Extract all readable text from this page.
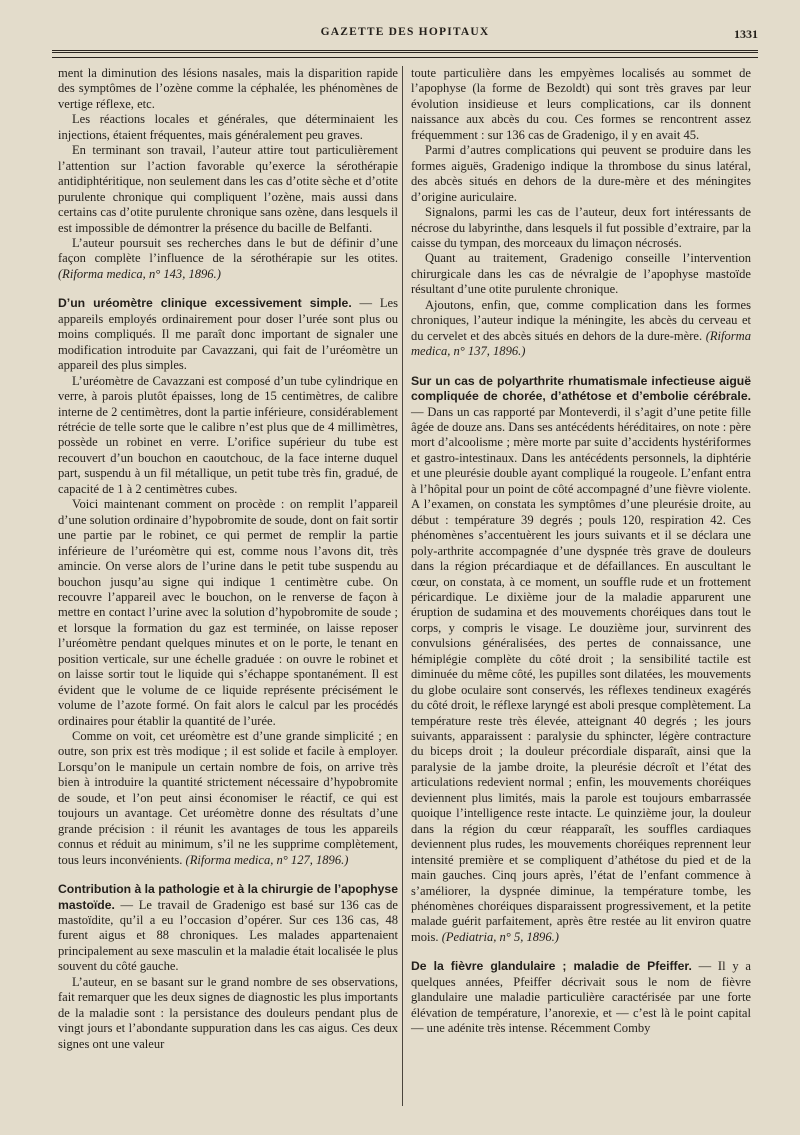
GAZETTE DES HOPITAUX	1331

ment la diminution des lésions nasales, mais la disparition rapide des symptômes de l’ozène comme la céphalée, les phénomènes de vertige réflexe, etc.

Les réactions locales et générales, que déterminaient les injections, étaient fréquentes, mais généralement peu graves.

En terminant son travail, l’auteur attire tout particulièrement l’attention sur l’action favorable qu’exerce la sérothérapie antidiphtéritique, non seulement dans les cas d’otite sèche et d’otite purulente chronique qui compliquent l’ozène, mais aussi dans certains cas d’otite purulente chronique sans ozène, dans lesquels il est impossible de démontrer la présence du bacille de Belfanti.

L’auteur poursuit ses recherches dans le but de définir d’une façon complète l’influence de la sérothérapie sur les otites. (Riforma medica, n° 143, 1896.)

D’un uréomètre clinique excessivement simple. — Les appareils employés ordinairement pour doser l’urée sont plus ou moins compliqués. Il me paraît donc important de signaler une modification introduite par Cavazzani, qui fait de l’uréomètre un appareil des plus simples.

L’uréomètre de Cavazzani est composé d’un tube cylindrique en verre, à parois plutôt épaisses, long de 15 centimètres, de calibre interne de 2 centimètres, dont la partie inférieure, considérablement rétrécie de telle sorte que le calibre n’est plus que de 4 millimètres, possède un robinet en verre. L’orifice supérieur du tube est recouvert d’un bouchon en caoutchouc, de la face interne duquel part, suspendu à un fil métallique, un petit tube très fin, gradué, de capacité de 1 à 2 centimètres cubes.

Voici maintenant comment on procède : on remplit l’appareil d’une solution ordinaire d’hypobromite de soude, dont on fait sortir une partie par le robinet, ce qui permet de remplir la partie inférieure de l’uréomètre qui est, comme nous l’avons dit, très amincie. On verse alors de l’urine dans le petit tube suspendu au bouchon jusqu’au signe qui indique 1 centimètre cube. On recouvre l’appareil avec le bouchon, on le renverse de façon à mettre en contact l’urine avec la solution d’hypobromite de soude ; et lorsque la formation du gaz est terminée, on laisse reposer l’uréomètre pendant quelques minutes et on le porte, le tenant en position verticale, sur une échelle graduée : on ouvre le robinet et on laisse sortir tout le liquide qui s’échappe spontanément. Il est évident que le volume de ce liquide représente précisément le volume de l’azote formé. On fait alors le calcul par les procédés ordinaires pour établir la quantité de l’urée.

Comme on voit, cet uréomètre est d’une grande simplicité ; en outre, son prix est très modique ; il est solide et facile à employer. Lorsqu’on le manipule un certain nombre de fois, on arrive très bien à introduire la quantité strictement nécessaire d’hypobromite de soude, et l’on peut ainsi économiser le réactif, ce qui est toujours un avantage. Cet uréomètre donne des résultats d’une grande précision : il réunit les avantages de tous les appareils connus et réduit au minimum, s’il ne les supprime complètement, tous leurs inconvénients. (Riforma medica, n° 127, 1896.)

Contribution à la pathologie et à la chirurgie de l’apophyse mastoïde. — Le travail de Gradenigo est basé sur 136 cas de mastoïdite, qu’il a eu l’occasion d’opérer. Sur ces 136 cas, 48 furent aigus et 88 chroniques. Les malades appartenaient principalement au sexe masculin et la maladie était localisée le plus souvent du côté gauche.

L’auteur, en se basant sur le grand nombre de ses observations, fait remarquer que les deux signes de diagnostic les plus importants de la maladie sont : la persistance des douleurs pendant plus de vingt jours et l’abondante suppuration dans les cas aigus. Ces deux signes ont une valeur

toute particulière dans les empyèmes localisés au sommet de l’apophyse (la forme de Bezoldt) qui sont très graves par leur évolution insidieuse et leurs complications, car ils donnent naissance aux abcès du cou. Ces formes se rencontrent assez fréquemment : sur 136 cas de Gradenigo, il y en avait 45.

Parmi d’autres complications qui peuvent se produire dans les formes aiguës, Gradenigo indique la thrombose du sinus latéral, des abcès situés en dehors de la dure-mère et des méningites d’origine auriculaire.

Signalons, parmi les cas de l’auteur, deux fort intéressants de nécrose du labyrinthe, dans lesquels il fut possible d’extraire, par la caisse du tympan, des morceaux du limaçon nécrosés.

Quant au traitement, Gradenigo conseille l’intervention chirurgicale dans les cas de névralgie de l’apophyse mastoïde résultant d’une otite purulente chronique.

Ajoutons, enfin, que, comme complication dans les formes chroniques, l’auteur indique la méningite, les abcès du cerveau et du cervelet et des abcès situés en dehors de la dure-mère. (Riforma medica, n° 137, 1896.)

Sur un cas de polyarthrite rhumatismale infectieuse aiguë compliquée de chorée, d’athétose et d’embolie cérébrale. — Dans un cas rapporté par Monteverdi, il s’agit d’une petite fille âgée de douze ans. Dans ses antécédents héréditaires, on note : père mort d’alcoolisme ; mère morte par suite d’accidents hystériformes et gastro-intestinaux. Dans les antécédents personnels, la diphtérie et une pleurésie double ayant compliqué la rougeole. L’enfant entra à l’hôpital pour un point de côté accompagné d’une fièvre violente. A l’examen, on constata les symptômes d’une pleurésie droite, au début : température 39 degrés ; pouls 120, respiration 42. Ces phénomènes s’accentuèrent les jours suivants et il se déclara une poly-arthrite accompagnée d’une dyspnée très grave de douleurs dans la région précardiaque et de défaillances. En auscultant le cœur, on constata, à ce moment, un souffle rude et un frottement péricardique. Le dixième jour de la maladie apparurent une éruption de sudamina et des mouvements choréiques dans tout le corps, y compris le visage. Le douzième jour, survinrent des convulsions généralisées, des pertes de connaissance, une hémiplégie complète du côté droit ; la sensibilité tactile est diminuée du même côté, les pupilles sont dilatées, les mouvements du globe oculaire sont conservés, les réflexes tendineux exagérés du côté droit, le réflexe laryngé est aboli presque complètement. La température reste très élevée, atteignant 40 degrés ; les jours suivants, apparaissent : paralysie du sphincter, légère contracture du biceps droit ; la douleur précordiale disparaît, ainsi que la paralysie de la jambe droite, la pleurésie décroît et l’état des articulations redevient normal ; enfin, les mouvements choréiques deviennent plus limités, mais la parole est toujours embarrassée quoique l’intelligence reste intacte. Le quinzième jour, la douleur dans la région du cœur réapparaît, les souffles cardiaques deviennent plus rudes, les mouvements choréiques reprennent leur intensité première et se compliquent d’athétose du pied et de la main gauches. Cinq jours après, l’état de l’enfant commence à s’améliorer, la dyspnée diminue, la température tombe, les phénomènes choréiques disparaissent progressivement, et la petite malade guérit parfaitement, après être restée au lit environ quatre mois. (Pediatria, n° 5, 1896.)

De la fièvre glandulaire ; maladie de Pfeiffer. — Il y a quelques années, Pfeiffer décrivait sous le nom de fièvre glandulaire une maladie particulière caractérisée par une forte élévation de température, l’anorexie, et — c’est là le point capital — une adénite très intense. Récemment Comby
